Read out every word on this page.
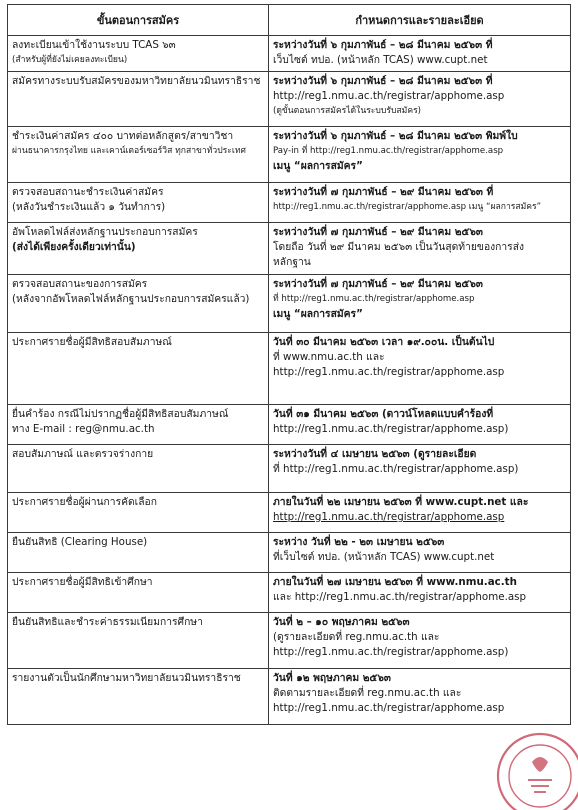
ขั้นตอนการสมัคร	กำหนดการและรายละเอียด

ลงทะเบียนเข้าใช้งานระบบ TCAS ๖๓
(สำหรับผู้ที่ยังไม่เคยลงทะเบียน)	ระหว่างวันที่ ๖ กุมภาพันธ์ – ๒๘ มีนาคม ๒๕๖๓ ที่
เว็บไซต์ ทปอ. (หน้าหลัก TCAS) www.cupt.net

สมัครทางระบบรับสมัครของมหาวิทยาลัยนวมินทราธิราช	ระหว่างวันที่ ๖ กุมภาพันธ์ – ๒๘ มีนาคม ๒๕๖๓ ที่
http://reg1.nmu.ac.th/registrar/apphome.asp
(ดูขั้นตอนการสมัครได้ในระบบรับสมัคร)

ชำระเงินค่าสมัคร ๔๐๐ บาทต่อหลักสูตร/สาขาวิชา
ผ่านธนาคารกรุงไทย และเคาน์เตอร์เซอร์วิส ทุกสาขาทั่วประเทศ	ระหว่างวันที่ ๖ กุมภาพันธ์ – ๒๘ มีนาคม ๒๕๖๓ พิมพ์ใบ
Pay-in ที่ http://reg1.nmu.ac.th/registrar/apphome.asp
เมนู “ผลการสมัคร”

ตรวจสอบสถานะชำระเงินค่าสมัคร
(หลังวันชำระเงินแล้ว ๑ วันทำการ)	ระหว่างวันที่ ๗ กุมภาพันธ์ – ๒๙ มีนาคม ๒๕๖๓ ที่
http://reg1.nmu.ac.th/registrar/apphome.asp เมนู “ผลการสมัคร”

อัพโหลดไฟล์ส่งหลักฐานประกอบการสมัคร
(ส่งได้เพียงครั้งเดียวเท่านั้น)	ระหว่างวันที่ ๗ กุมภาพันธ์ – ๒๙ มีนาคม ๒๕๖๓
โดยถือ วันที่ ๒๙ มีนาคม ๒๕๖๓ เป็นวันสุดท้ายของการส่ง
หลักฐาน

ตรวจสอบสถานะของการสมัคร
(หลังจากอัพโหลดไฟล์หลักฐานประกอบการสมัครแล้ว)	ระหว่างวันที่ ๗ กุมภาพันธ์ – ๒๙ มีนาคม ๒๕๖๓
ที่ http://reg1.nmu.ac.th/registrar/apphome.asp
เมนู “ผลการสมัคร”

ประกาศรายชื่อผู้มีสิทธิสอบสัมภาษณ์	วันที่ ๓๐ มีนาคม ๒๕๖๓ เวลา ๑๙.๐๐น. เป็นต้นไป
ที่ www.nmu.ac.th และ
http://reg1.nmu.ac.th/registrar/apphome.asp

ยื่นคำร้อง กรณีไม่ปรากฏชื่อผู้มีสิทธิสอบสัมภาษณ์
ทาง E-mail : reg@nmu.ac.th	วันที่ ๓๑ มีนาคม ๒๕๖๓ (ดาวน์โหลดแบบคำร้องที่
http://reg1.nmu.ac.th/registrar/apphome.asp)

สอบสัมภาษณ์ และตรวจร่างกาย	ระหว่างวันที่ ๔ เมษายน ๒๕๖๓ (ดูรายละเอียด
ที่ http://reg1.nmu.ac.th/registrar/apphome.asp)

ประกาศรายชื่อผู้ผ่านการคัดเลือก	ภายในวันที่ ๒๒ เมษายน ๒๕๖๓ ที่ www.cupt.net และ
http://reg1.nmu.ac.th/registrar/apphome.asp

ยืนยันสิทธิ (Clearing House)	ระหว่าง วันที่ ๒๒ - ๒๓ เมษายน ๒๕๖๓
ที่เว็บไซต์ ทปอ. (หน้าหลัก TCAS) www.cupt.net

ประกาศรายชื่อผู้มีสิทธิเข้าศึกษา	ภายในวันที่ ๒๗ เมษายน ๒๕๖๓ ที่ www.nmu.ac.th
และ http://reg1.nmu.ac.th/registrar/apphome.asp

ยืนยันสิทธิและชำระค่าธรรมเนียมการศึกษา	วันที่ ๒ – ๑๐ พฤษภาคม ๒๕๖๓
(ดูรายละเอียดที่ reg.nmu.ac.th และ
http://reg1.nmu.ac.th/registrar/apphome.asp)

รายงานตัวเป็นนักศึกษามหาวิทยาลัยนวมินทราธิราช	วันที่ ๑๒ พฤษภาคม ๒๕๖๓
ติดตามรายละเอียดที่ reg.nmu.ac.th และ
http://reg1.nmu.ac.th/registrar/apphome.asp
